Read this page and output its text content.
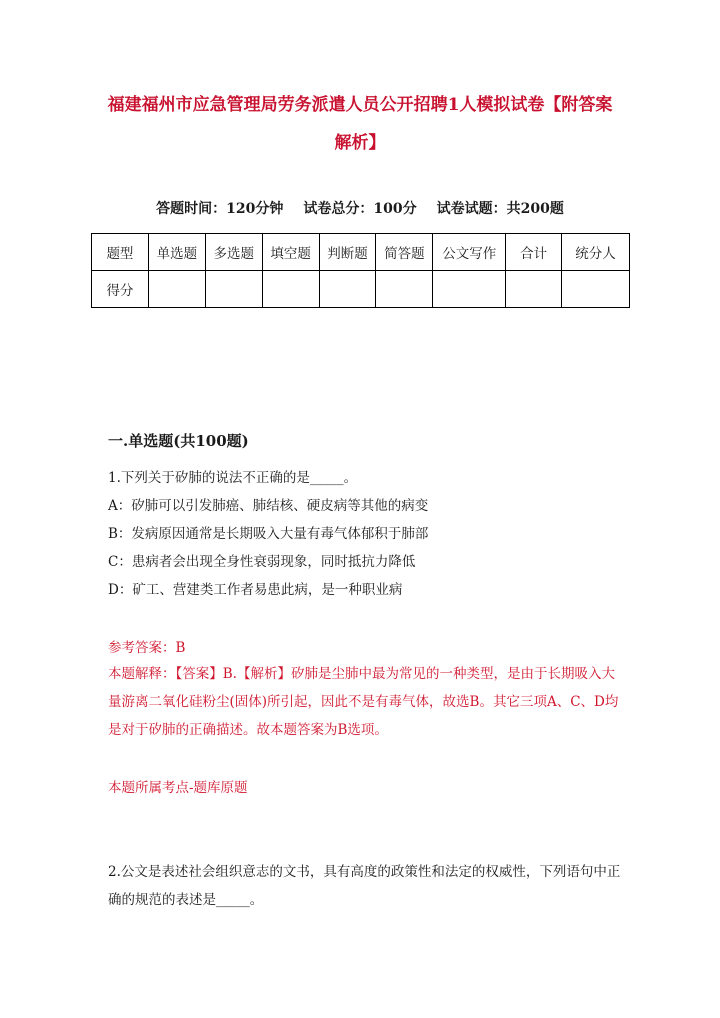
福建福州市应急管理局劳务派遣人员公开招聘1人模拟试卷【附答案解析】
答题时间：120分钟 试卷总分：100分 试卷试题：共200题
题型	单选题	多选题	填空题	判断题	简答题	公文写作	合计	统分人
得分								
一.单选题(共100题)
1.下列关于矽肺的说法不正确的是_____。
A：矽肺可以引发肺癌、肺结核、硬皮病等其他的病变
B：发病原因通常是长期吸入大量有毒气体郁积于肺部
C：患病者会出现全身性衰弱现象，同时抵抗力降低
D：矿工、营建类工作者易患此病，是一种职业病
参考答案：B
本题解释：【答案】B.【解析】矽肺是尘肺中最为常见的一种类型，是由于长期吸入大量游离二氧化硅粉尘(固体)所引起，因此不是有毒气体，故选B。其它三项A、C、D均是对于矽肺的正确描述。故本题答案为B选项。
本题所属考点-题库原题
2.公文是表述社会组织意志的文书，具有高度的政策性和法定的权威性，下列语句中正确的规范的表述是_____。
